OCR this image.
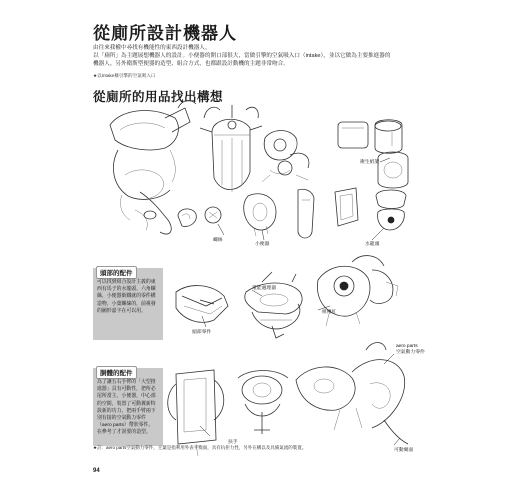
從廁所設計機器人
由往來我權中尋找有機能性的東西設計機器人。
以「廁所」為主題展想機器人的設計。小便器的開口部很大，當做引擎的空氣吸入口（intake），並以它做為主要推進器的
機器人。另外衛斯型便器的造型、組合方式，也都跟設計動機的主題非常吻合。
★以Intake稱引擎的空氣吸入口
從廁所的用品找出構想
衛生紙架
螺絲
小便器	水龍頭
頭部零件
電能處理器
組傳紅
aero parts
空氣動力零件
扶手
可動翼面
頭部的配件
可以找到組合設計主義的東西有馬子的水龍頭、六角螺絲，小便器銜鐵就的零件構造物，小葉螺絲的，前視發的圖形嘉字在可以用。
胴體的配件
為了讓五右手臂的「大型推進器」具有可動性，把所必尾所當主，小便器，中心部的空間，裝置了可動翼新特設新的功力，把兩手臂兩下別有接的空氣動力零件（aero parts）帶狀零件。在參考了才誤要的造型。
★註：aero parts空氣動力零件，主葉是指利用外表平衡面，具有抗拒力性，另外在構以及具備氣流的裝置。
94
